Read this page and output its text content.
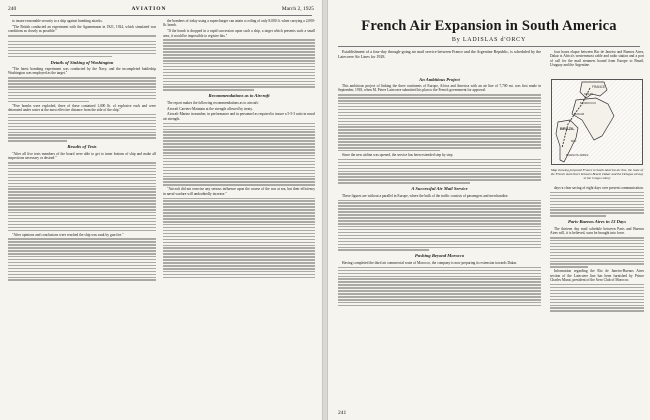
240	AVIATION	March 2, 1925

to insure reasonable security to a ship against bombing attacks.

"The British conducted an experiment with the Agamemnon in 1921, 1924, which simulated war conditions as closely as possible."

Details of Sinking of Washington

"The latest bombing experiment was conducted by the Navy, and the incompleted battleship Washington was employed as the target."

"Five bombs were exploded, three of these contained 1,000 lb. of explosive each and were detonated under water at the most effective distance from the side of the ship."

Results of Tests

"After all five tests members of the board were able to get to inner bottom of ship and make all inspections necessary or desired."

"After opinions and conclusions were reached the ship was sunk by gun fire."

the bombers of today using a supercharger can attain a ceiling of only 8,000 ft. when carrying a 2,000-lb. bomb.

"If the bomb is dropped in a rapid succession upon such a ship, a target which presents such a small area, it would be impossible to register hits."

Recommendations as to Aircraft

The report makes the following recommendations as to aircraft:

Aircraft Carriers-Maintain at the strength allowed by treaty.

Aircraft-Marine in number, in performance and in personnel as required to insure a 5-5-3 ratio in naval air strength.

"Aircraft did not exercise any serious influence upon the course of the war at sea, but their efficiency in naval warfare will undoubtedly increase."

French Air Expansion in South America
By LADISLAS d'ORCY

Establishment of a four-day through-going air mail service between France and the Argentine Republic, is scheduled by the Latecoere Air Lines for 1928.

An Ambitious Project

This ambitious project of linking the three continents of Europe, Africa and America with an air line of 7,700 mi. was first made in September, 1918, when M. Pierre Latecoere submitted his plan to the French government for approval.

Since the new airline was opened, the service has been extended step by step.

A Successful Air Mail Service

These figures are without a parallel in Europe, where the bulk of the traffic consists of passengers and merchandise.

Pushing Beyond Morocco

Having completed the third air commercial route of Morocco, the company is now preparing its extension towards Dakar.

FRANCE
SPAIN
MOROCCO
DAKAR
BRAZIL
RIO
BUENOS AIRES
Map showing proposed France to South America air line, the route of the French mail liners between Brazil, Dakar and the Delegau airway to the Congo colony

days-a clear saving of eight days over present communication.

Paris-Buenos Aires in 13 Days

The thirteen day mail schedule between Paris and Buenos Aires will, it is believed, soon be brought into force.

Information regarding the Rio de Janeiro-Buenos Aires section of the Latecoere line has been furnished by Prince Charles Murat, president of the Aero Club of Morocco.

four hours elapse between Rio de Janeiro and Buenos Aires, Dakar is Africa's westernmost cable and radio station and a port of call for the mail steamers bound from Europe to Brazil, Uruguay and the Argentine.

241
